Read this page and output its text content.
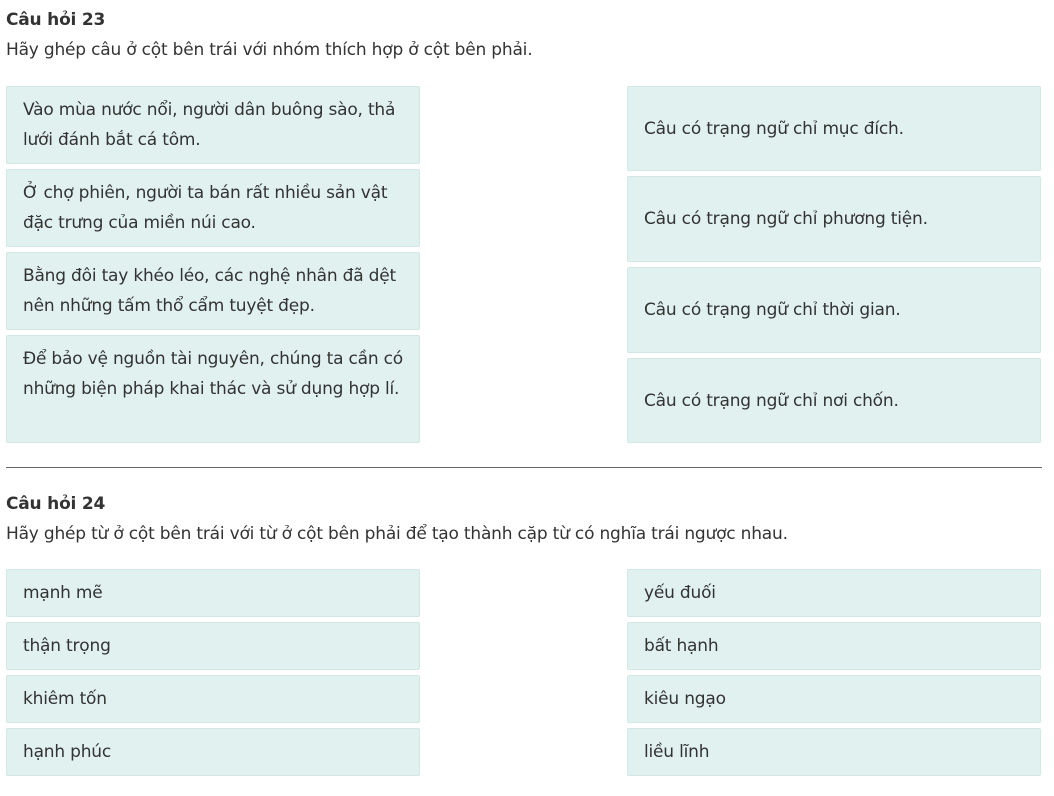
Câu hỏi 23
Hãy ghép câu ở cột bên trái với nhóm thích hợp ở cột bên phải.
Vào mùa nước nổi, người dân buông sào, thả lưới đánh bắt cá tôm.
Ở chợ phiên, người ta bán rất nhiều sản vật đặc trưng của miền núi cao.
Bằng đôi tay khéo léo, các nghệ nhân đã dệt nên những tấm thổ cẩm tuyệt đẹp.
Để bảo vệ nguồn tài nguyên, chúng ta cần có những biện pháp khai thác và sử dụng hợp lí.
Câu có trạng ngữ chỉ mục đích.
Câu có trạng ngữ chỉ phương tiện.
Câu có trạng ngữ chỉ thời gian.
Câu có trạng ngữ chỉ nơi chốn.
Câu hỏi 24
Hãy ghép từ ở cột bên trái với từ ở cột bên phải để tạo thành cặp từ có nghĩa trái ngược nhau.
mạnh mẽ
thận trọng
khiêm tốn
hạnh phúc
yếu đuối
bất hạnh
kiêu ngạo
liều lĩnh
